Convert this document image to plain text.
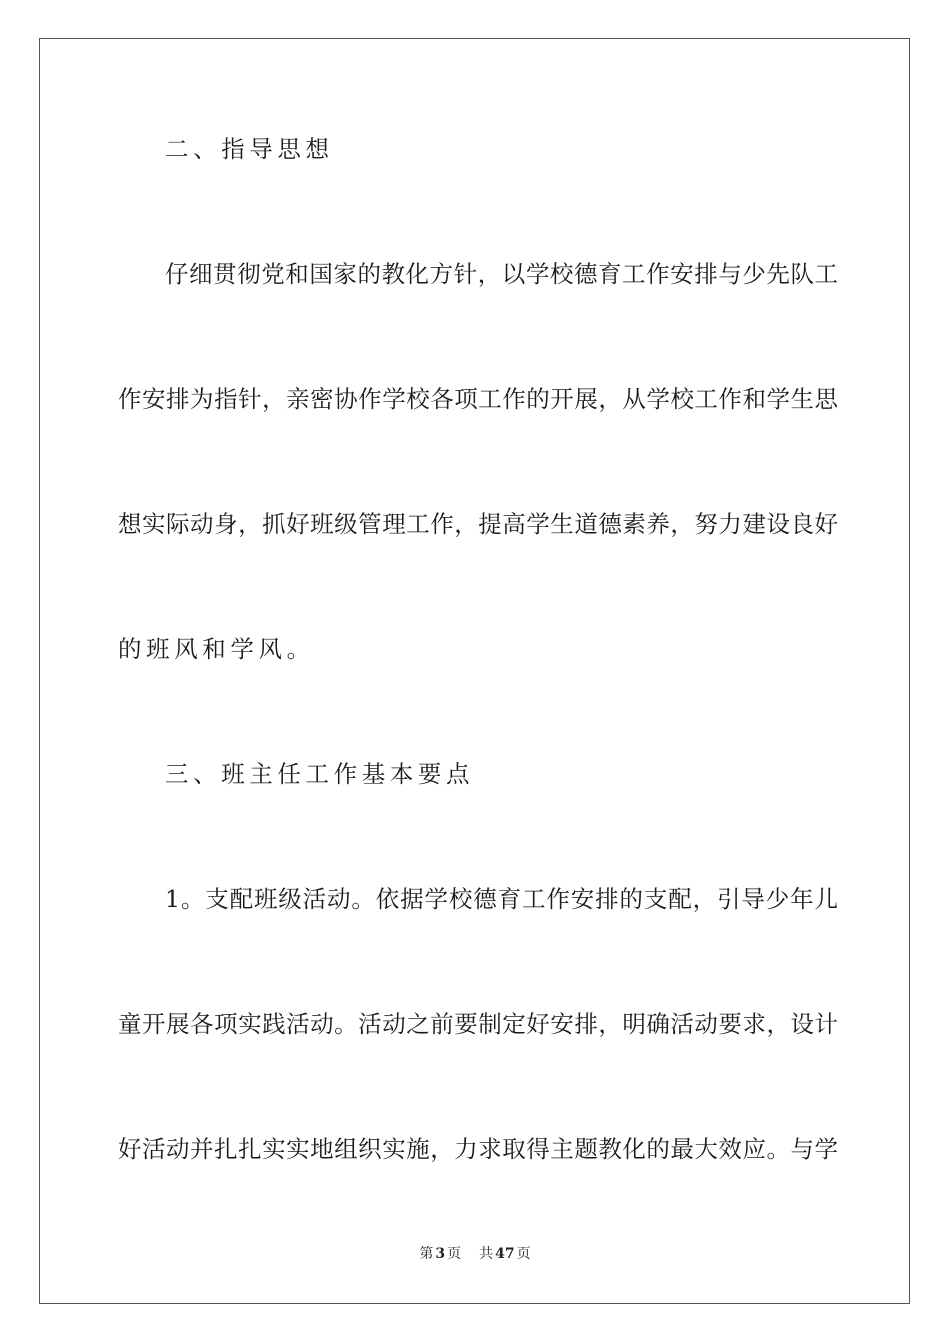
二、指导思想
仔细贯彻党和国家的教化方针，以学校德育工作安排与少先队工
作安排为指针，亲密协作学校各项工作的开展，从学校工作和学生思
想实际动身，抓好班级管理工作，提高学生道德素养，努力建设良好
的班风和学风。
三、班主任工作基本要点
1。支配班级活动。依据学校德育工作安排的支配，引导少年儿
童开展各项实践活动。活动之前要制定好安排，明确活动要求，设计
好活动并扎扎实实地组织实施，力求取得主题教化的最大效应。与学
第 3 页 共 47 页
